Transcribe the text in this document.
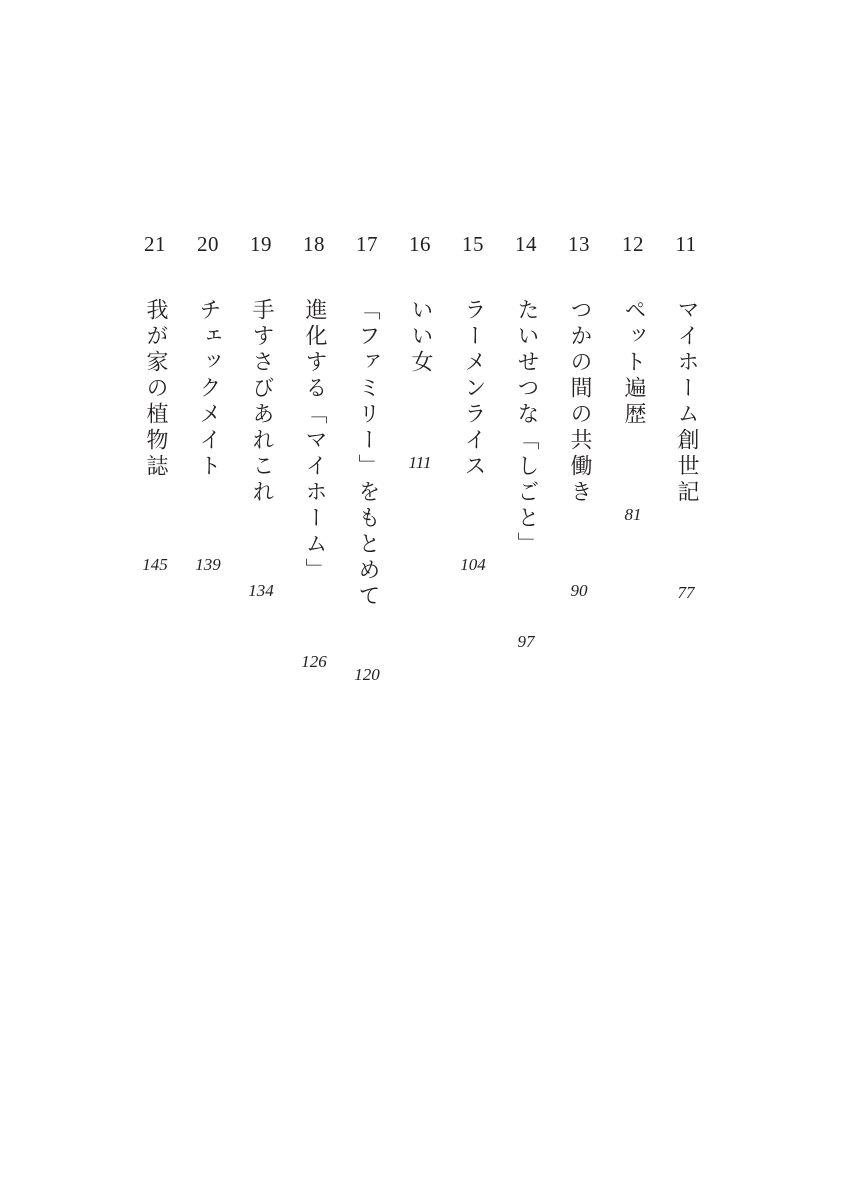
11
マイホーム創世記
77
12
ペット遍歴
81
13
つかの間の共働き
90
14
たいせつな「しごと」
97
15
ラーメンライス
104
16
いい女
111
17
「ファミリー」をもとめて
120
18
進化する「マイホーム」
126
19
手すさびあれこれ
134
20
チェックメイト
139
21
我が家の植物誌
145
